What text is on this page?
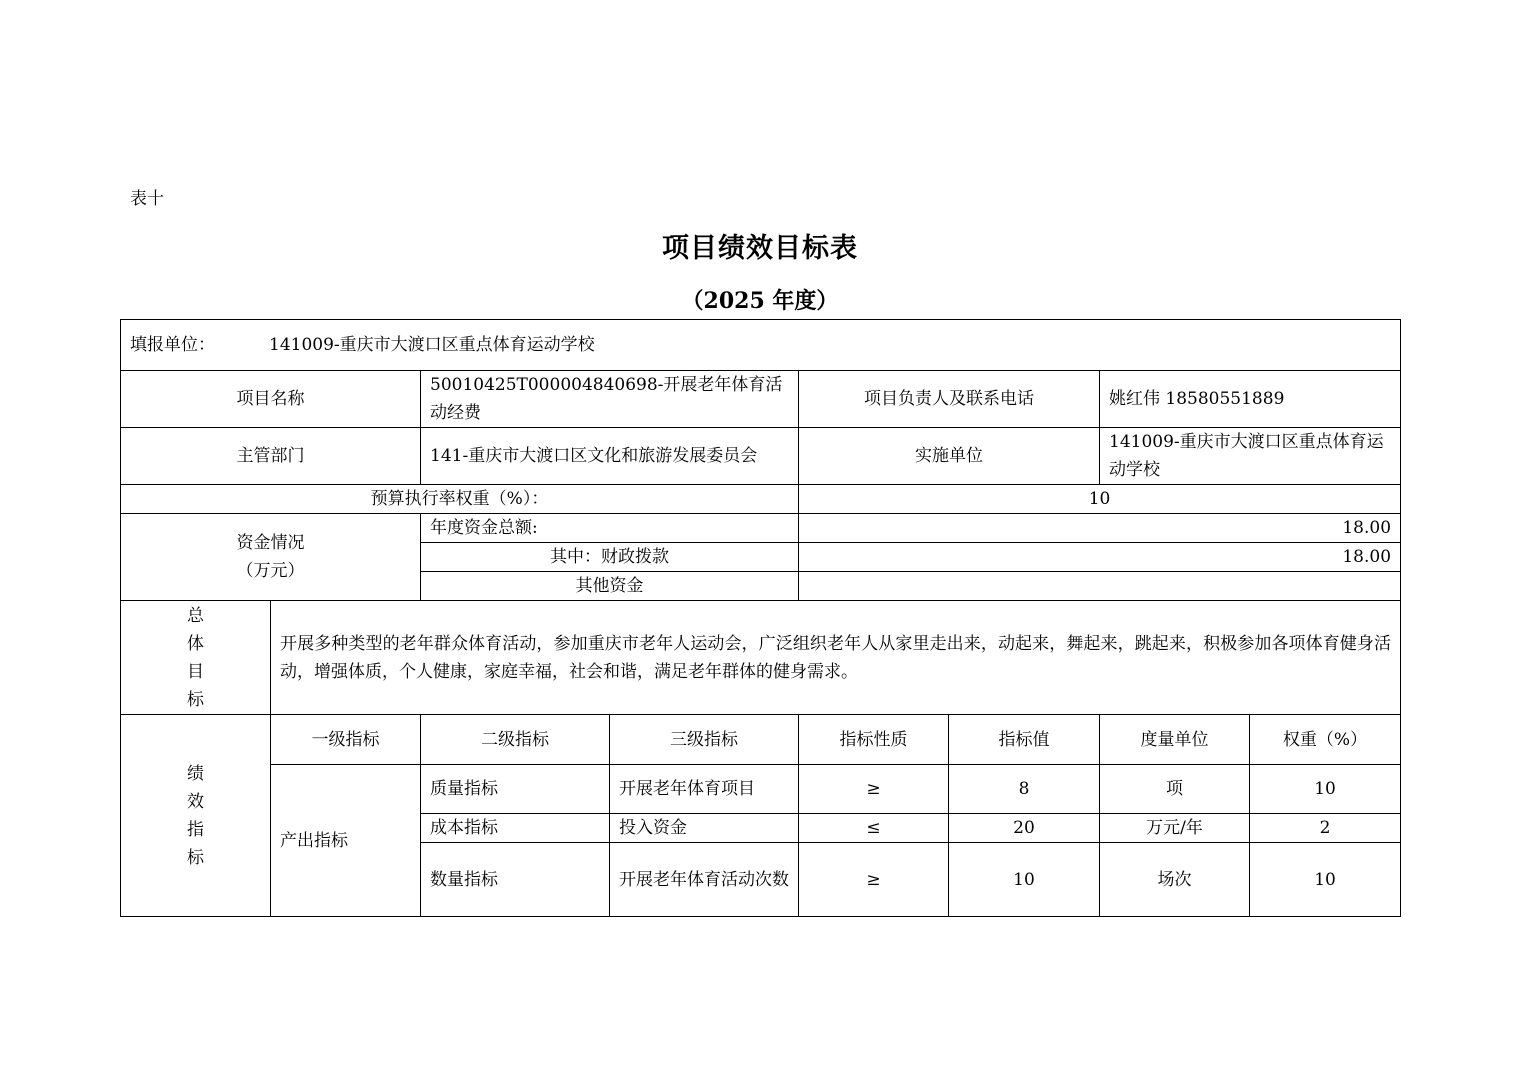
表十
项目绩效目标表
（2025 年度）
填报单位： 141009-重庆市大渡口区重点体育运动学校							
项目名称		50010425T000004840698-开展老年体育活动经费		项目负责人及联系电话		姚红伟 18580551889	
主管部门		141-重庆市大渡口区文化和旅游发展委员会		实施单位		141009-重庆市大渡口区重点体育运动学校	
预算执行率权重（%）：				10			

资金情况
（万元）		年度资金总额:		18.00			
		其中：财政拨款		18.00			
		其他资金					

总
体
目
标	开展多种类型的老年群众体育活动，参加重庆市老年人运动会，广泛组织老年人从家里走出来，动起来，舞起来，跳起来，积极参加各项体育健身活动，增强体质，个人健康，家庭幸福，社会和谐，满足老年群体的健身需求。						

绩
效
指
标	一级指标	二级指标	三级指标	指标性质	指标值	度量单位	权重（%）
	产出指标	质量指标	开展老年体育项目	≥	8	项	10
		成本指标	投入资金	≤	20	万元/年	2
		数量指标	开展老年体育活动次数	≥	10	场次	10
